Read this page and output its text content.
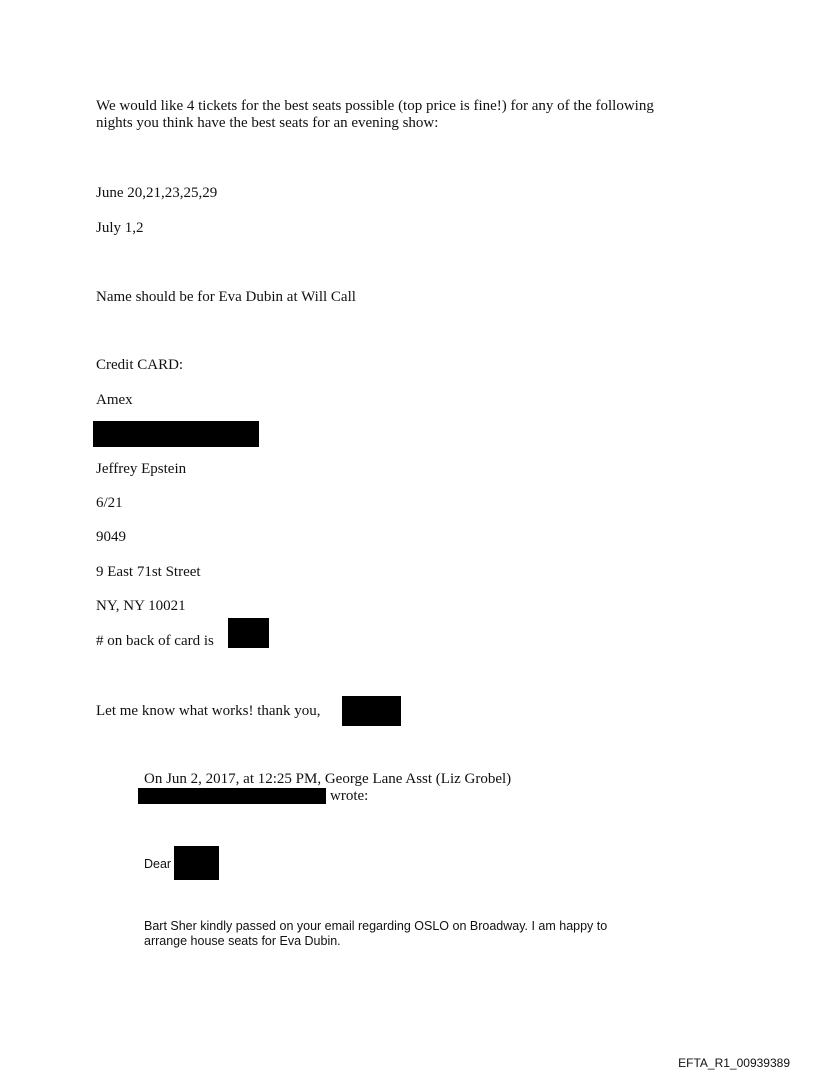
We would like 4 tickets for the best seats possible (top price is fine!) for any of the following
nights you think have the best seats for an evening show:
June 20,21,23,25,29
July 1,2
Name should be for Eva Dubin at Will Call
Credit CARD:
Amex
Jeffrey Epstein
6/21
9049
9 East 71st Street
NY, NY 10021
# on back of card is
Let me know what works! thank you,
On Jun 2, 2017, at 12:25 PM, George Lane Asst (Liz Grobel)
wrote:
Dear
Bart Sher kindly passed on your email regarding OSLO on Broadway. I am happy to
arrange house seats for Eva Dubin.
EFTA_R1_00939389
